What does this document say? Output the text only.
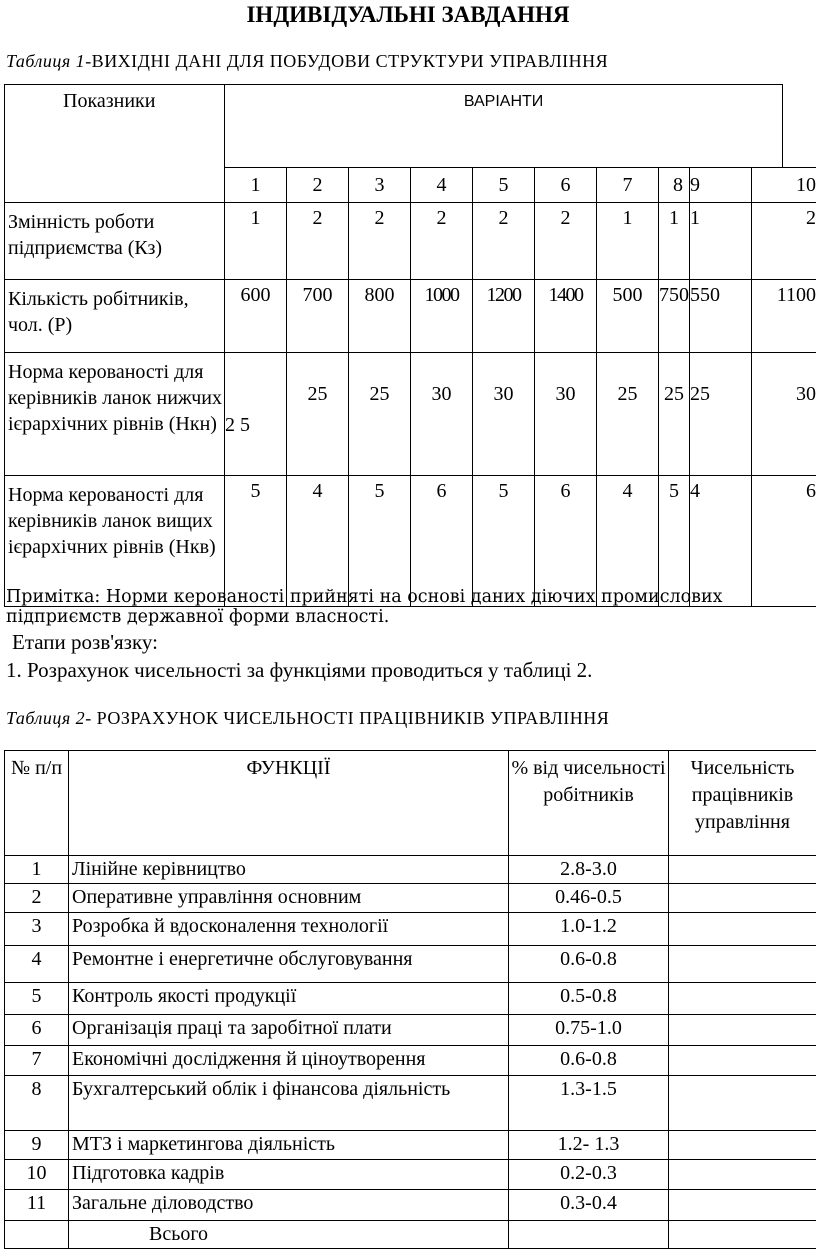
ІНДИВІДУАЛЬНІ ЗАВДАННЯ
Таблиця 1-ВИХІДНІ ДАНІ ДЛЯ ПОБУДОВИ СТРУКТУРИ УПРАВЛІННЯ
Показники	ВАРІАНТИ									
	1	2	3	4	5	6	7	8	9	10
Змінність роботи підприємства (Кз)	1	2	2	2	2	2	1	1	1	2
Кількість робітників, чол. (Р)	600	700	800	1000	1200	1400	500	750	550	1100
Норма керованості для керівників ланок нижчих ієрархічних рівнів (Нкн)	2 5	25	25	30	30	30	25	25	25	30
Норма керованості для керівників ланок вищих ієрархічних рівнів (Нкв)	5	4	5	6	5	6	4	5	4	6
Примітка: Норми керованості прийняті на основі даних діючих промислових підприємств державної форми власності.
Етапи розв'язку:
1. Розрахунок чисельності за функціями проводиться у таблиці 2.
Таблиця 2- РОЗРАХУНОК ЧИСЕЛЬНОСТІ ПРАЦІВНИКІВ УПРАВЛІННЯ
№ п/п	ФУНКЦІЇ	% від чисельності робітників	Чисельність працівників управління
1	Лінійне керівництво	2.8-3.0	
2	Оперативне управління основним	0.46-0.5	
3	Розробка й вдосконалення технології	1.0-1.2	
4	Ремонтне і енергетичне обслуговування	0.6-0.8	
5	Контроль якості продукції	0.5-0.8	
6	Організація праці та заробітної плати	0.75-1.0	
7	Економічні дослідження й ціноутворення	0.6-0.8	
8	Бухгалтерський облік і фінансова діяльність	1.3-1.5	
9	МТЗ і маркетингова діяльність	1.2- 1.3	
10	Підготовка кадрів	0.2-0.3	
11	Загальне діловодство	0.3-0.4	
	Всього		
